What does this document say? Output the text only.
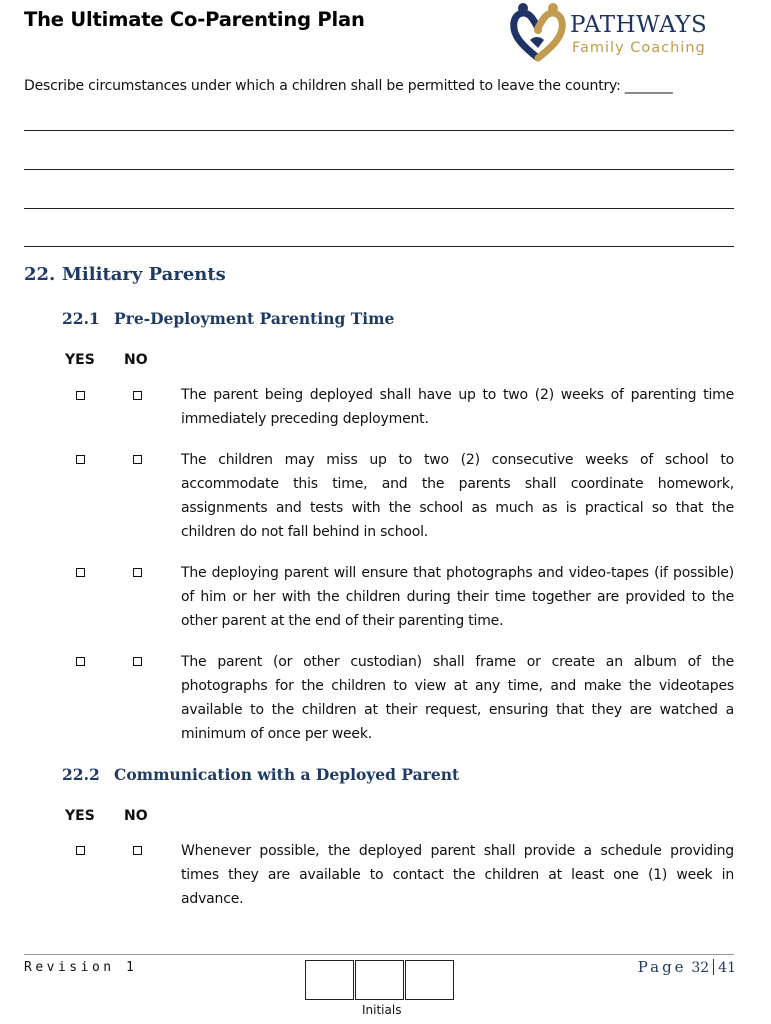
The Ultimate Co-Parenting Plan	PATHWAYS
Family Coaching

Describe circumstances under which a children shall be permitted to leave the country: _______

22. Military Parents
22.1 Pre-Deployment Parenting Time
YES NO

The parent being deployed shall have up to two (2) weeks of parenting time immediately preceding deployment.

The children may miss up to two (2) consecutive weeks of school to accommodate this time, and the parents shall coordinate homework, assignments and tests with the school as much as is practical so that the children do not fall behind in school.

The deploying parent will ensure that photographs and video-tapes (if possible) of him or her with the children during their time together are provided to the other parent at the end of their parenting time.

The parent (or other custodian) shall frame or create an album of the photographs for the children to view at any time, and make the videotapes available to the children at their request, ensuring that they are watched a minimum of once per week.

22.2 Communication with a Deployed Parent
YES NO

Whenever possible, the deployed parent shall provide a schedule providing times they are available to contact the children at least one (1) week in advance.

Revision 1
Initials
Page 32 41
